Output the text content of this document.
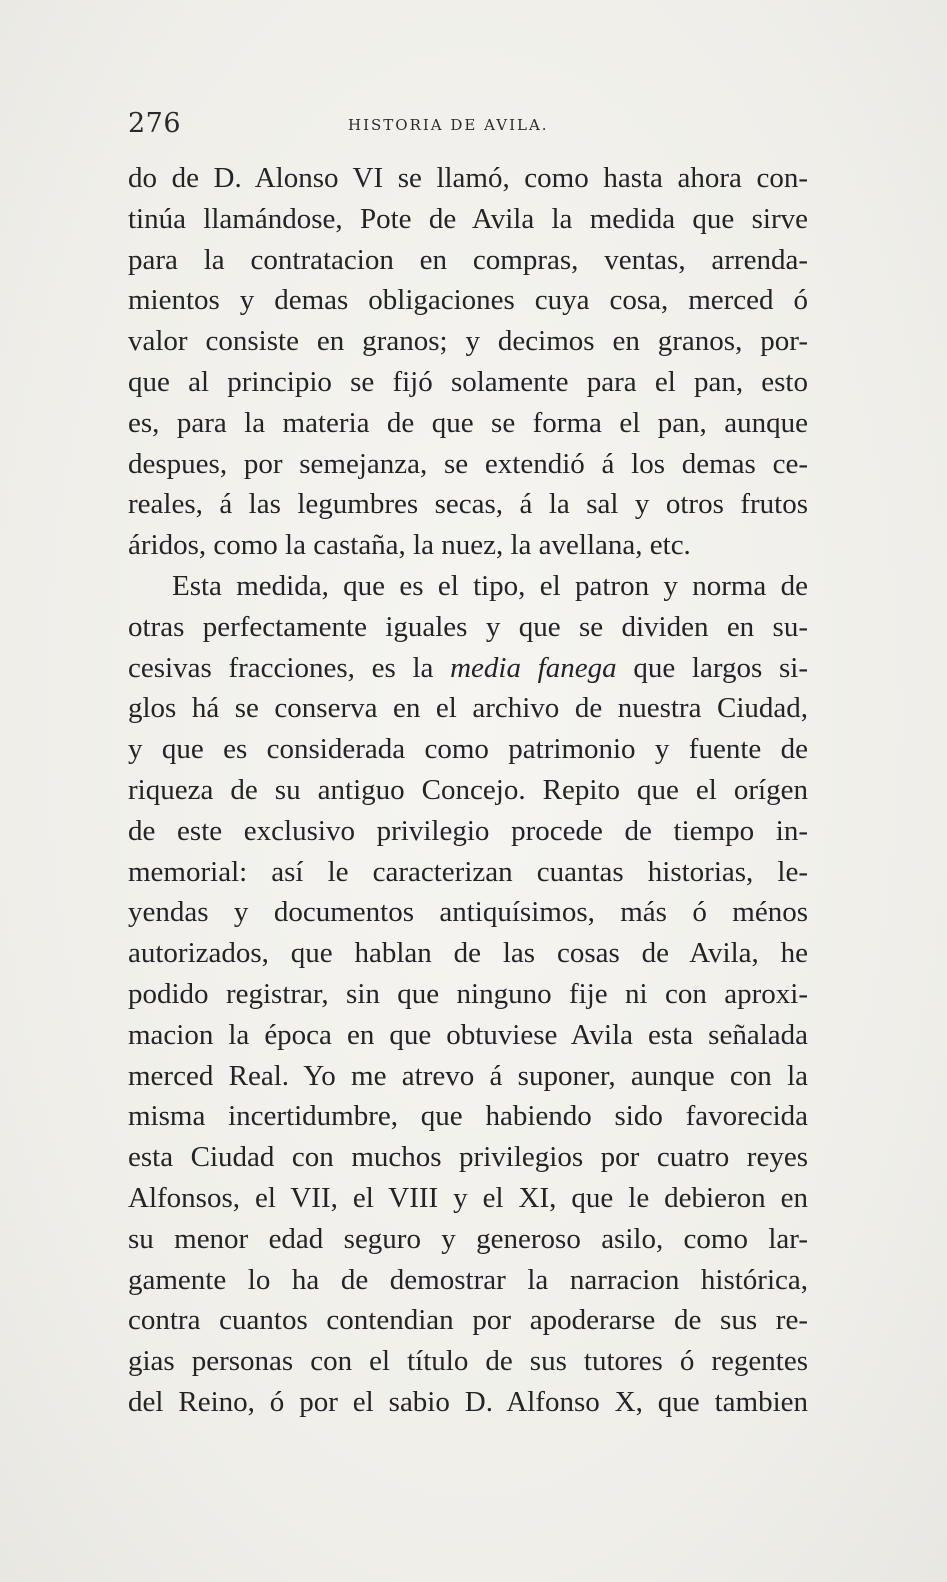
276	HISTORIA DE AVILA.
do de D. Alonso VI se llamó, como hasta ahora con-
tinúa llamándose, Pote de Avila la medida que sirve
para la contratacion en compras, ventas, arrenda-
mientos y demas obligaciones cuya cosa, merced ó
valor consiste en granos; y decimos en granos, por-
que al principio se fijó solamente para el pan, esto
es, para la materia de que se forma el pan, aunque
despues, por semejanza, se extendió á los demas ce-
reales, á las legumbres secas, á la sal y otros frutos
áridos, como la castaña, la nuez, la avellana, etc.
Esta medida, que es el tipo, el patron y norma de
otras perfectamente iguales y que se dividen en su-
cesivas fracciones, es la media fanega que largos si-
glos há se conserva en el archivo de nuestra Ciudad,
y que es considerada como patrimonio y fuente de
riqueza de su antiguo Concejo. Repito que el orígen
de este exclusivo privilegio procede de tiempo in-
memorial: así le caracterizan cuantas historias, le-
yendas y documentos antiquísimos, más ó ménos
autorizados, que hablan de las cosas de Avila, he
podido registrar, sin que ninguno fije ni con aproxi-
macion la época en que obtuviese Avila esta señalada
merced Real. Yo me atrevo á suponer, aunque con la
misma incertidumbre, que habiendo sido favorecida
esta Ciudad con muchos privilegios por cuatro reyes
Alfonsos, el VII, el VIII y el XI, que le debieron en
su menor edad seguro y generoso asilo, como lar-
gamente lo ha de demostrar la narracion histórica,
contra cuantos contendian por apoderarse de sus re-
gias personas con el título de sus tutores ó regentes
del Reino, ó por el sabio D. Alfonso X, que tambien
